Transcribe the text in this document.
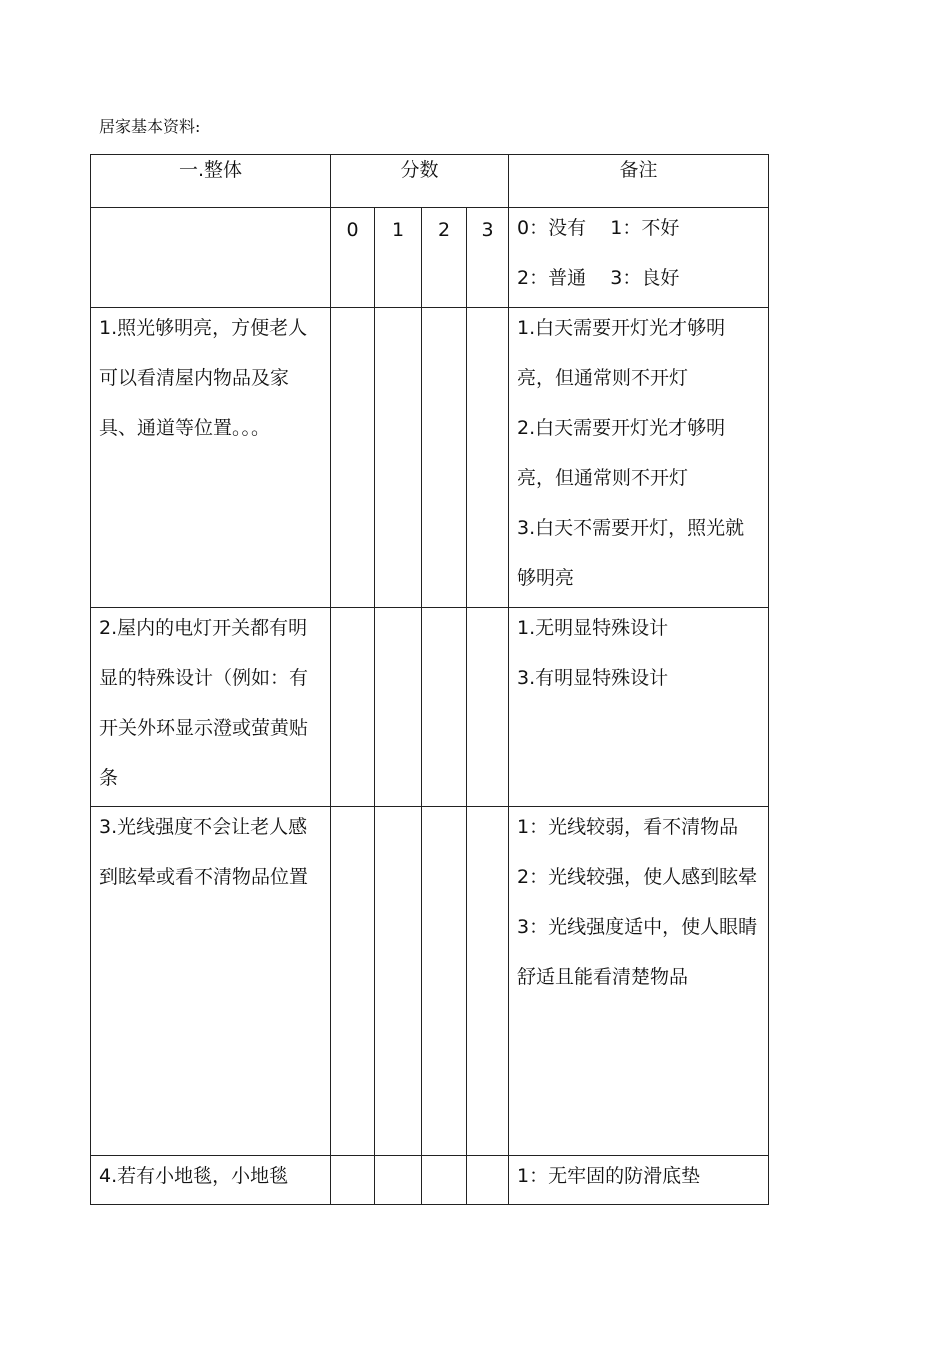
居家基本资料:
一.整体	分数				备注

	0	1	2	3	0：没有    1：不好
2：普通    3：良好

1.照光够明亮，方便老人可以看清屋内物品及家具、通道等位置。。。					1.白天需要开灯光才够明亮，但通常则不开灯
2.白天需要开灯光才够明亮，但通常则不开灯
3.白天不需要开灯，照光就够明亮

2.屋内的电灯开关都有明显的特殊设计（例如：有开关外环显示澄或萤黄贴条					1.无明显特殊设计
3.有明显特殊设计

3.光线强度不会让老人感到眩晕或看不清物品位置					1：光线较弱，看不清物品
2：光线较强，使人感到眩晕
3：光线强度适中，使人眼睛舒适且能看清楚物品

4.若有小地毯，小地毯					1：无牢固的防滑底垫
